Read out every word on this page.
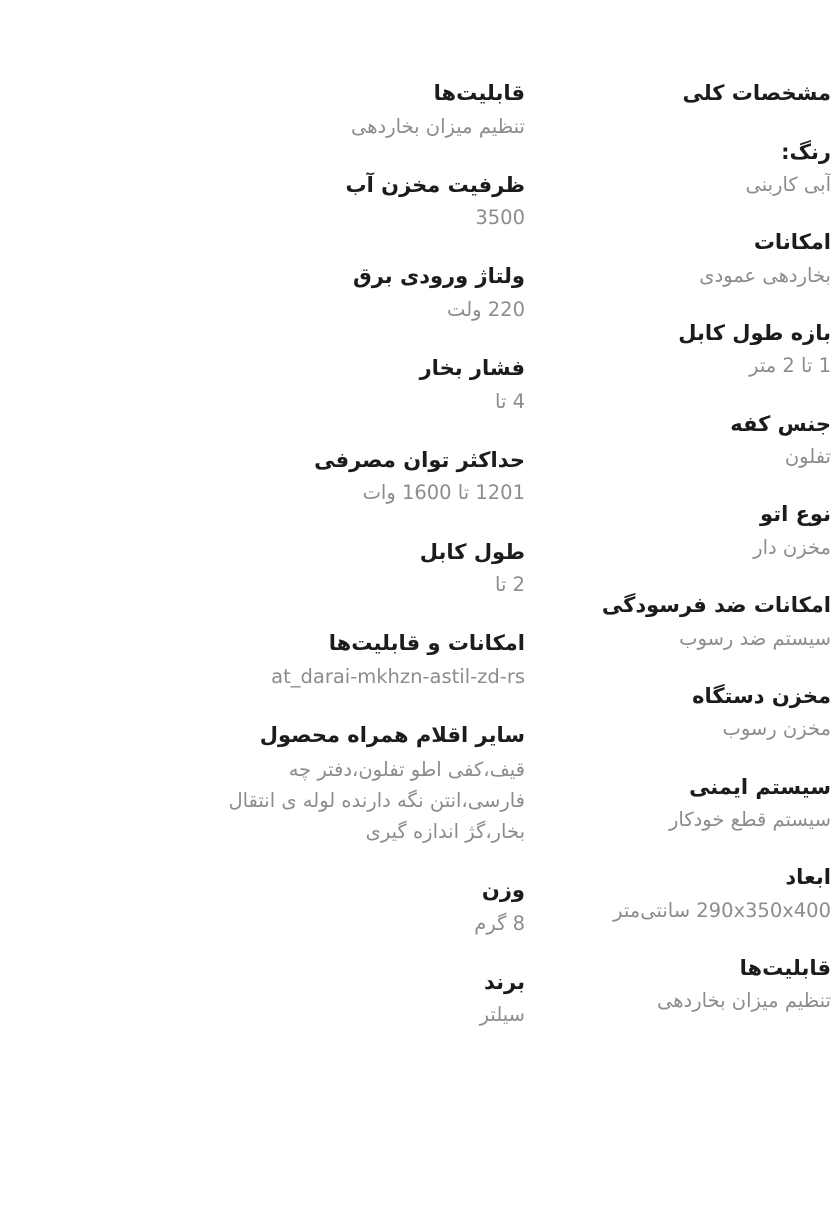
مشخصات کلی
رنگ:
آبی کاربنی
امکانات
بخاردهی عمودی
بازه طول کابل
1 تا 2 متر
جنس کفه
تفلون
نوع اتو
مخزن دار
امکانات ضد فرسودگی
سیستم ضد رسوب
مخزن دستگاه
مخزن رسوب
سیستم ایمنی
سیستم قطع خودکار
ابعاد
290x350x400 سانتی‌متر
قابلیت‌ها
تنظیم میزان بخاردهی
قابلیت‌ها
تنظیم میزان بخاردهی
ظرفیت مخزن آب
3500
ولتاژ ورودی برق
220 ولت
فشار بخار
4 تا
حداکثر توان مصرفی
1201 تا 1600 وات
طول کابل
2 تا
امکانات و قابلیت‌ها
at_darai-mkhzn-astil-zd-rs
سایر اقلام همراه محصول
قیف،کفی اطو تفلون،دفتر چه فارسی،انتن نگه دارنده لوله ی انتقال بخار،گژ اندازه گیری
وزن
8 گرم
برند
سیلتر
